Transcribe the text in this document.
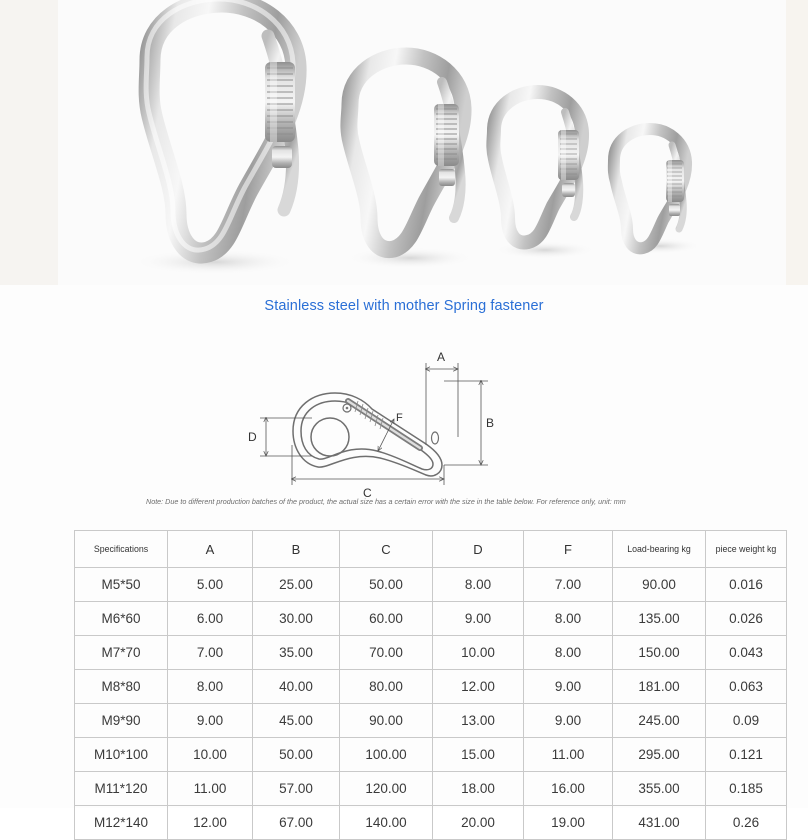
Stainless steel with mother Spring fastener
F
A
B
D
C
Note: Due to different production batches of the product, the actual size has a certain error with the size in the table below. For reference only, unit: mm
Specifications	A	B	C	D	F	Load-bearing kg	piece weight kg
M5*50	5.00	25.00	50.00	8.00	7.00	90.00	0.016
M6*60	6.00	30.00	60.00	9.00	8.00	135.00	0.026
M7*70	7.00	35.00	70.00	10.00	8.00	150.00	0.043
M8*80	8.00	40.00	80.00	12.00	9.00	181.00	0.063
M9*90	9.00	45.00	90.00	13.00	9.00	245.00	0.09
M10*100	10.00	50.00	100.00	15.00	11.00	295.00	0.121
M11*120	11.00	57.00	120.00	18.00	16.00	355.00	0.185
M12*140	12.00	67.00	140.00	20.00	19.00	431.00	0.26
